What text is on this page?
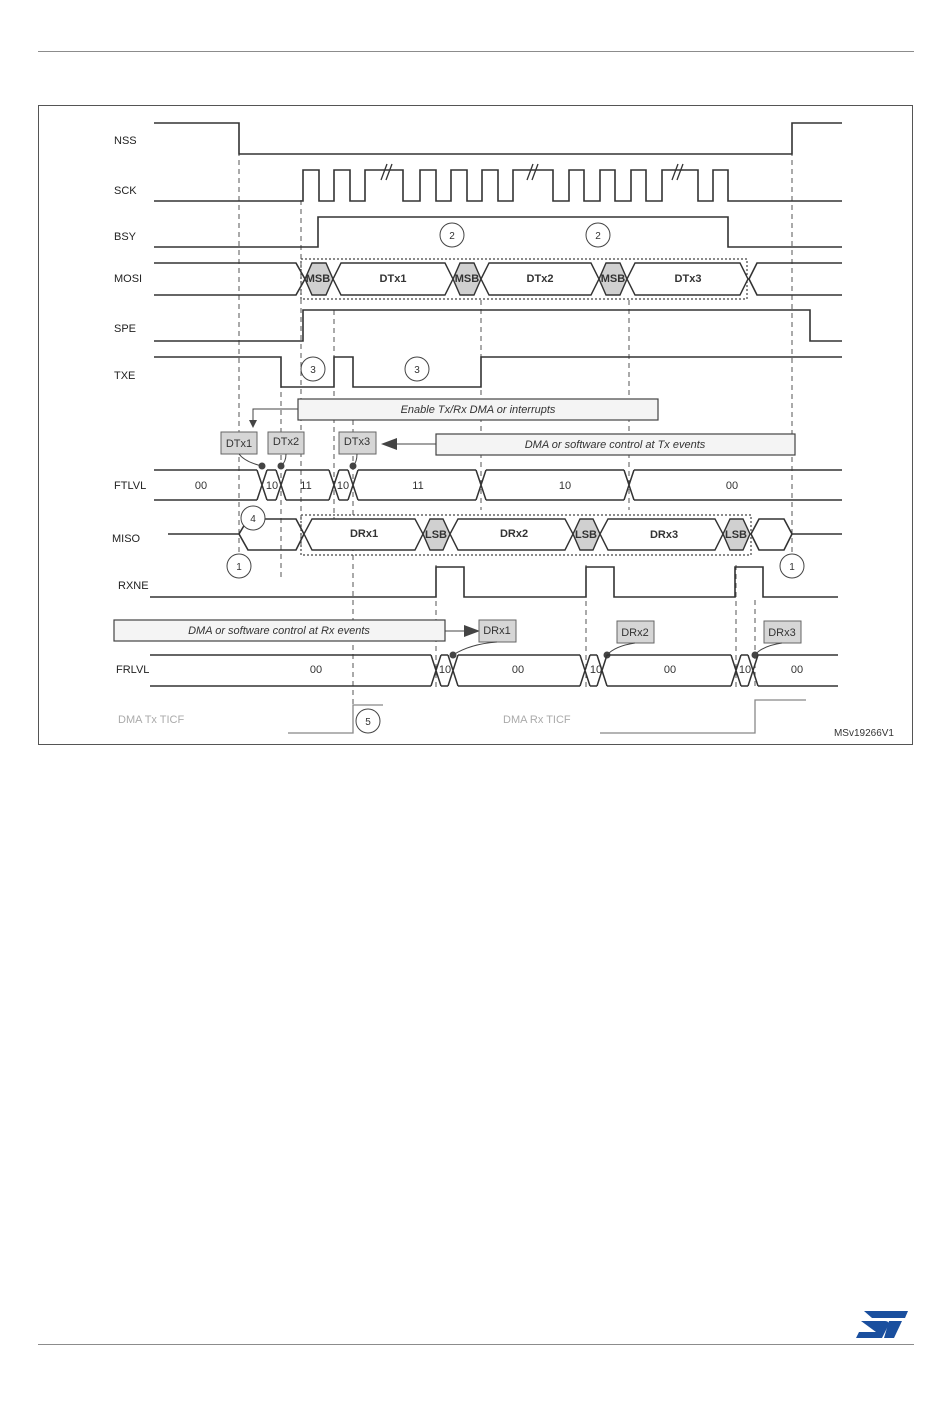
NSS
SCK
BSY	2	2
MOSI	MSB	DTx1	MSB	DTx2	MSB	DTx3
SPE
TXE	3	3
Enable Tx/Rx DMA or interrupts
DTx1 DTx2	DTx3	DMA or software control at Tx events
FTLVL	00	10 11 10	11	10	00
MISO	DRx1	LSB	DRx2	LSB	DRx3	LSB
4
1	1
RXNE
DMA or software control at Rx events	DRx1	DRx2	DRx3
FRLVL	00	10	00	10	00	10	00
DMA Tx TICF	5	DMA Rx TICF
MSv19266V1
